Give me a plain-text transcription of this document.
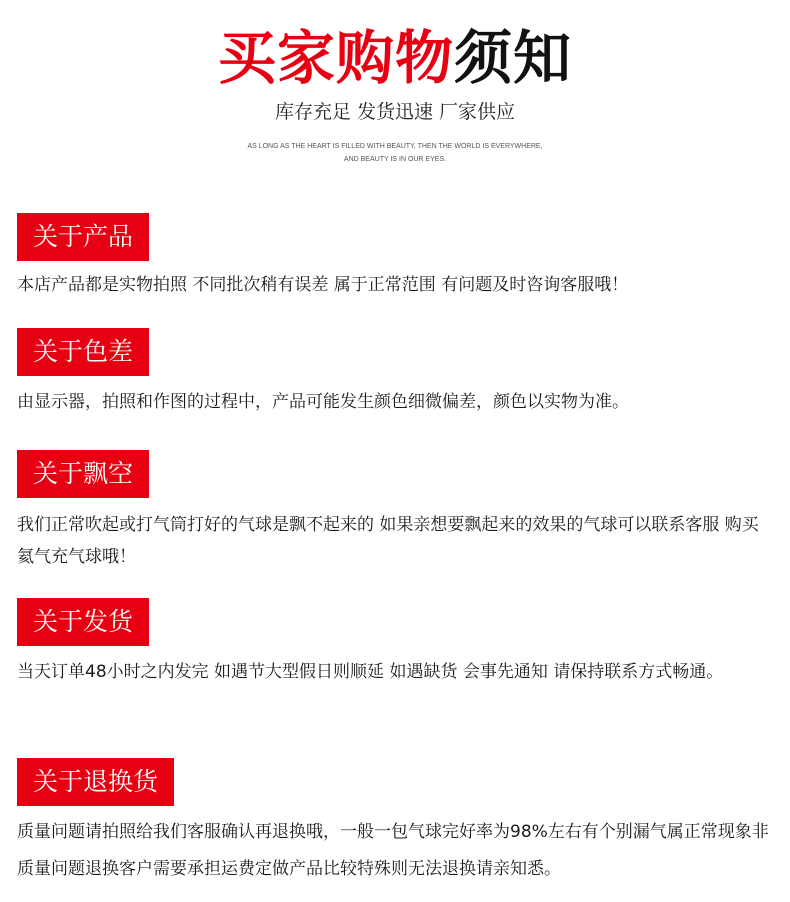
买家购物须知
库存充足 发货迅速 厂家供应
AS LONG AS THE HEART IS FILLED WITH BEAUTY, THEN THE WORLD IS EVERYWHERE,
AND BEAUTY IS IN OUR EYES.
关于产品
本店产品都是实物拍照 不同批次稍有误差 属于正常范围 有问题及时咨询客服哦！
关于色差
由显示器，拍照和作图的过程中，产品可能发生颜色细微偏差，颜色以实物为准。
关于飘空
我们正常吹起或打气筒打好的气球是飘不起来的 如果亲想要飘起来的效果的气球可以联系客服 购买氦气充气球哦！
关于发货
当天订单48小时之内发完 如遇节大型假日则顺延 如遇缺货 会事先通知 请保持联系方式畅通。
关于退换货
质量问题请拍照给我们客服确认再退换哦，一般一包气球完好率为98%左右有个别漏气属正常现象非质量问题退换客户需要承担运费定做产品比较特殊则无法退换请亲知悉。
